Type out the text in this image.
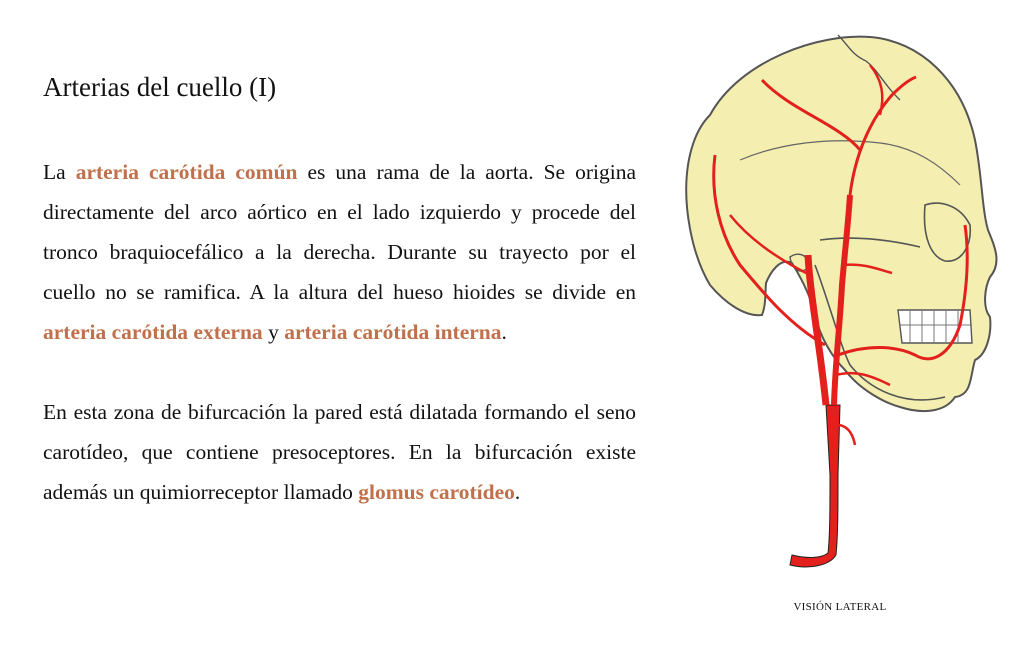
Arterias del cuello (I)

La arteria carótida común es una rama de la aorta. Se origina directamente del arco aórtico en el lado izquierdo y procede del tronco braquiocefálico a la derecha. Durante su trayecto por el cuello no se ramifica. A la altura del hueso hioides se divide en arteria carótida externa y arteria carótida interna.

En esta zona de bifurcación la pared está dilatada formando el seno carotídeo, que contiene presoceptores. En la bifurcación existe además un quimiorreceptor llamado glomus carotídeo.

VISIÓN LATERAL
